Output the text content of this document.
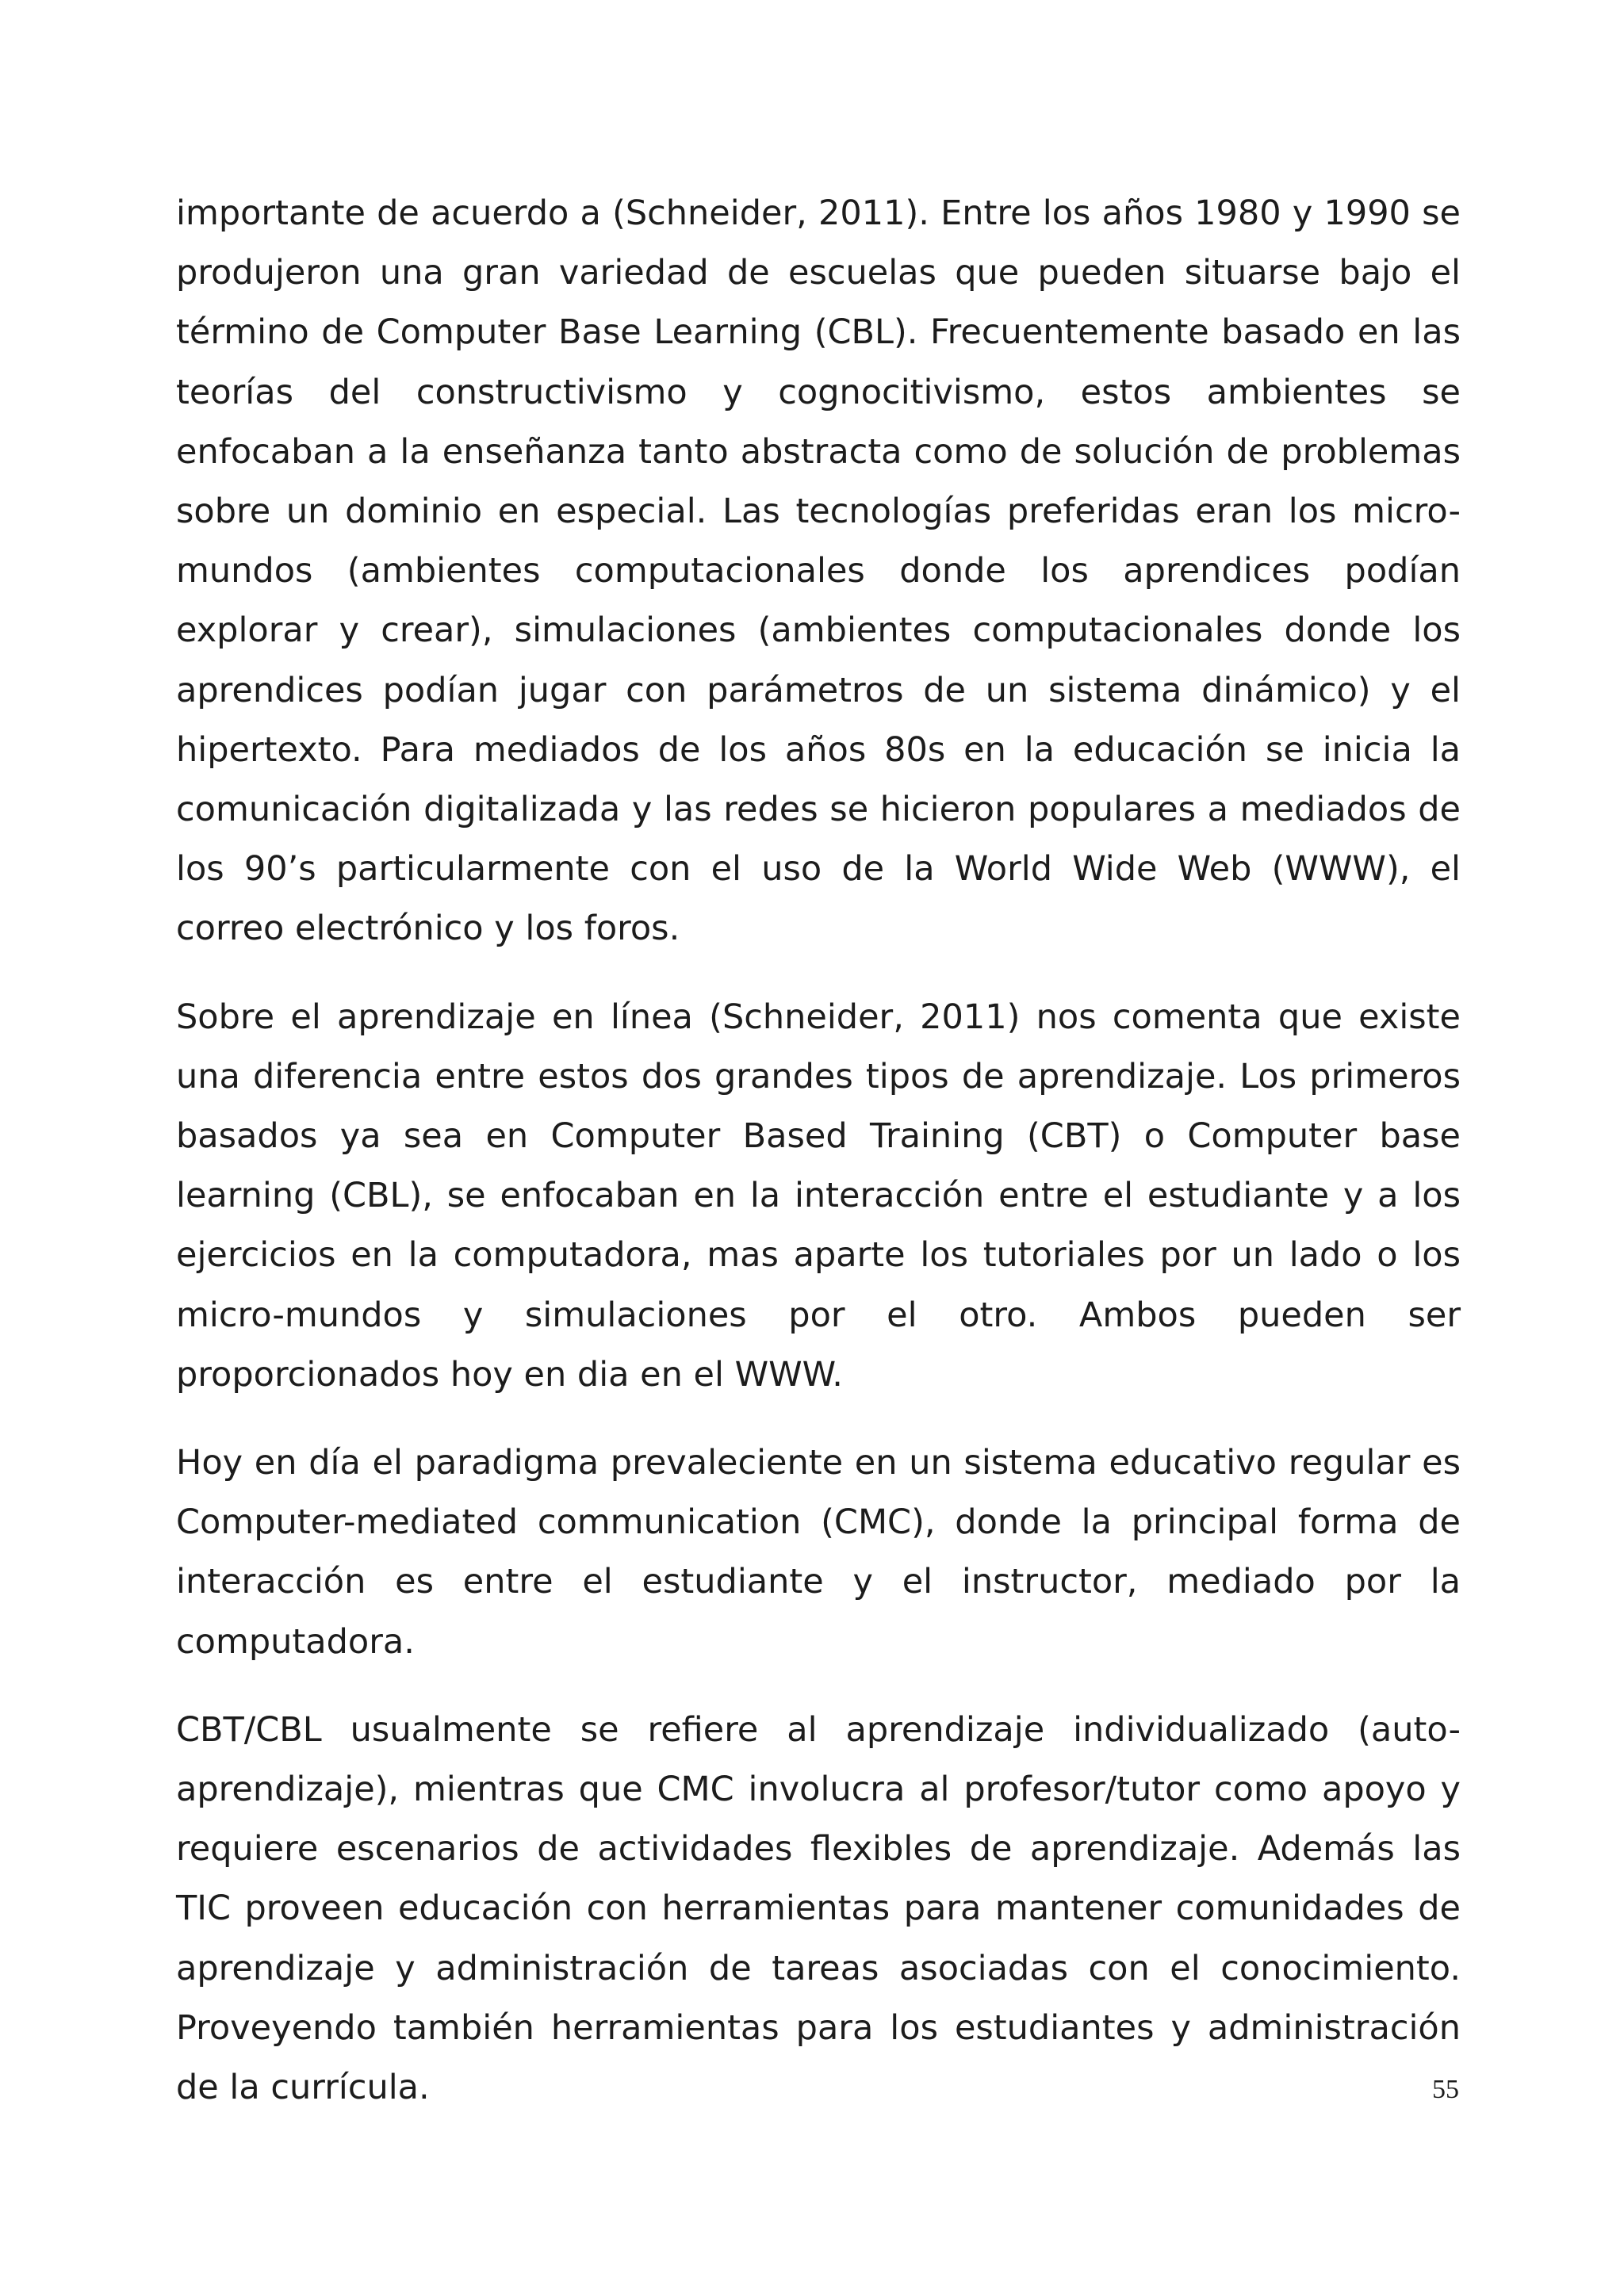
importante de acuerdo a (Schneider, 2011). Entre los años 1980 y 1990 se produjeron una gran variedad de escuelas que pueden situarse bajo el término de Computer Base Learning (CBL). Frecuentemente basado en las teorías del constructivismo y cognocitivismo, estos ambientes se enfocaban a la enseñanza tanto abstracta como de solución de problemas sobre un dominio en especial. Las tecnologías preferidas eran los micro-mundos (ambientes computacionales donde los aprendices podían explorar y crear), simulaciones (ambientes computacionales donde los aprendices podían jugar con parámetros de un sistema dinámico) y el hipertexto. Para mediados de los años 80s en la educación se inicia la comunicación digitalizada y las redes se hicieron populares a mediados de los 90’s particularmente con el uso de la World Wide Web (WWW), el correo electrónico y los foros.

Sobre el aprendizaje en línea (Schneider, 2011) nos comenta que existe una diferencia entre estos dos grandes tipos de aprendizaje. Los primeros basados ya sea en Computer Based Training (CBT) o Computer base learning (CBL), se enfocaban en la interacción entre el estudiante y a los ejercicios en la computadora, mas aparte los tutoriales por un lado o los micro-mundos y simulaciones por el otro. Ambos pueden ser proporcionados hoy en dia en el WWW.

Hoy en día el paradigma prevaleciente en un sistema educativo regular es Computer-mediated communication (CMC), donde la principal forma de interacción es entre el estudiante y el instructor, mediado por la computadora.

CBT/CBL usualmente se refiere al aprendizaje individualizado (auto-aprendizaje), mientras que CMC involucra al profesor/tutor como apoyo y requiere escenarios de actividades flexibles de aprendizaje. Además las TIC proveen educación con herramientas para mantener comunidades de aprendizaje y administración de tareas asociadas con el conocimiento. Proveyendo también herramientas para los estudiantes y administración de la currícula.	55
